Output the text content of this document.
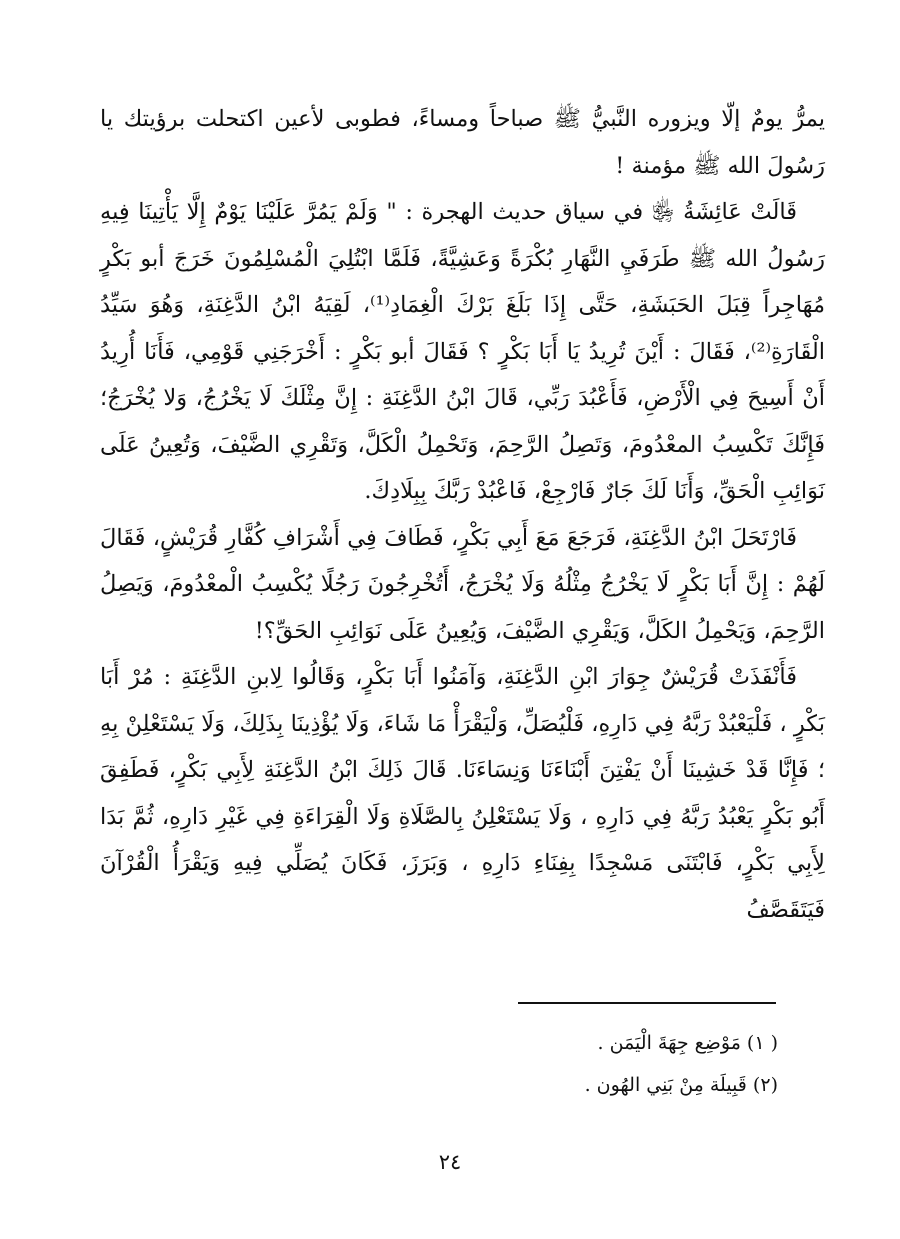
يمرُّ يومٌ إلّا ويزوره النَّبيُّ ﷺ صباحاً ومساءً، فطوبى لأعين اكتحلت برؤيتك يا رَسُولَ الله ﷺ مؤمنة !

قَالَتْ عَائِشَةُ ﵂ في سياق حديث الهجرة : " وَلَمْ يَمُرَّ عَلَيْنَا يَوْمٌ إِلَّا يَأْتِينَا فِيهِ رَسُولُ الله ﷺ طَرَفَيِ النَّهَارِ بُكْرَةً وَعَشِيَّةً، فَلَمَّا ابْتُلِيَ الْمُسْلِمُونَ خَرَجَ أبو بَكْرٍ مُهَاجِراً قِبَلَ الحَبَشَةِ، حَتَّى إِذَا بَلَغَ بَرْكَ الْغِمَادِ⁽¹⁾، لَقِيَهُ ابْنُ الدَّغِنَةِ، وَهُوَ سَيِّدُ الْقَارَةِ⁽²⁾، فَقَالَ : أَيْنَ تُرِيدُ يَا أَبَا بَكْرٍ ؟ فَقَالَ أبو بَكْرٍ : أَخْرَجَنِي قَوْمِي، فَأَنَا أُرِيدُ أَنْ أَسِيحَ فِي الْأَرْضِ، فَأَعْبُدَ رَبِّي، قَالَ ابْنُ الدَّغِنَةِ : إِنَّ مِثْلَكَ لَا يَخْرُجُ، وَلا يُخْرَجُ؛ فَإِنَّكَ تَكْسِبُ المعْدُومَ، وَتَصِلُ الرَّحِمَ، وَتَحْمِلُ الْكَلَّ، وَتَقْرِي الضَّيْفَ، وَتُعِينُ عَلَى نَوَائِبِ الْحَقِّ، وَأَنَا لَكَ جَارٌ فَارْجِعْ، فَاعْبُدْ رَبَّكَ بِبِلَادِكَ.

فَارْتَحَلَ ابْنُ الدَّغِنَةِ، فَرَجَعَ مَعَ أَبِي بَكْرٍ، فَطَافَ فِي أَشْرَافِ كُفَّارِ قُرَيْشٍ، فَقَالَ لَهُمْ : إِنَّ أَبَا بَكْرٍ لَا يَخْرُجُ مِثْلُهُ وَلَا يُخْرَجُ، أَتُخْرِجُونَ رَجُلًا يُكْسِبُ الْمعْدُومَ، وَيَصِلُ الرَّحِمَ، وَيَحْمِلُ الكَلَّ، وَيَقْرِي الضَّيْفَ، وَيُعِينُ عَلَى نَوَائِبِ الحَقِّ؟!

فَأَنْفَذَتْ قُرَيْشٌ جِوَارَ ابْنِ الدَّغِنَةِ، وَآمَنُوا أَبَا بَكْرٍ، وَقَالُوا لِابنِ الدَّغِنَةِ : مُرْ أَبَا بَكْرٍ ، فَلْيَعْبُدْ رَبَّهُ فِي دَارِهِ، فَلْيُصَلِّ، وَلْيَقْرَأْ مَا شَاءَ، وَلَا يُؤْذِينَا بِذَلِكَ، وَلَا يَسْتَعْلِنْ بِهِ ؛ فَإِنَّا قَدْ خَشِينَا أَنْ يَفْتِنَ أَبْنَاءَنَا وَنِسَاءَنَا. قَالَ ذَلِكَ ابْنُ الدَّغِنَةِ لِأَبِي بَكْرٍ، فَطَفِقَ أَبُو بَكْرٍ يَعْبُدُ رَبَّهُ فِي دَارِهِ ، وَلَا يَسْتَعْلِنُ بِالصَّلَاةِ وَلَا الْقِرَاءَةِ فِي غَيْرِ دَارِهِ، ثُمَّ بَدَا لِأَبِي بَكْرٍ، فَابْتَنَى مَسْجِدًا بِفِنَاءِ دَارِهِ ، وَبَرَزَ، فَكَانَ يُصَلِّي فِيهِ وَيَقْرَأُ الْقُرْآنَ فَيَتَقَصَّفُ

( ١) مَوْضِع جِهَةَ الْيَمَن .

(٢) قَبِيلَة مِنْ بَنِي الهُون .

٢٤
